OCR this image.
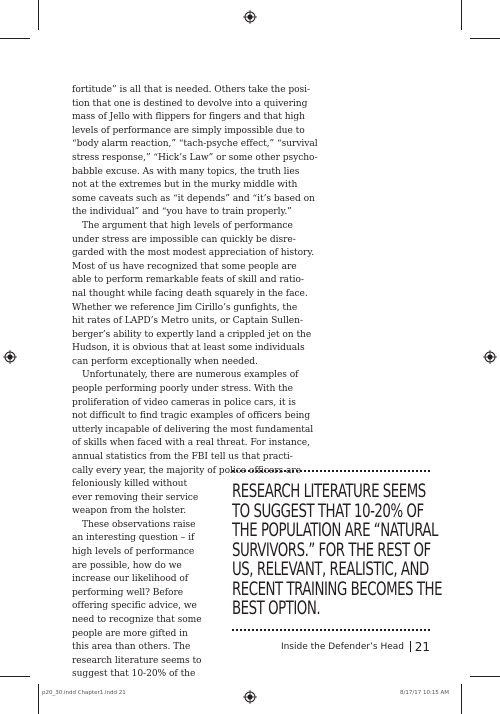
fortitude” is all that is needed. Others take the posi-
tion that one is destined to devolve into a quivering
mass of Jello with flippers for fingers and that high
levels of performance are simply impossible due to
“body alarm reaction,” “tach-psyche effect,” “survival
stress response,” “Hick’s Law” or some other psycho-
babble excuse. As with many topics, the truth lies
not at the extremes but in the murky middle with
some caveats such as “it depends” and “it’s based on
the individual” and “you have to train properly.”
The argument that high levels of performance
under stress are impossible can quickly be disre-
garded with the most modest appreciation of history.
Most of us have recognized that some people are
able to perform remarkable feats of skill and ratio-
nal thought while facing death squarely in the face.
Whether we reference Jim Cirillo’s gunfights, the
hit rates of LAPD’s Metro units, or Captain Sullen-
berger’s ability to expertly land a crippled jet on the
Hudson, it is obvious that at least some individuals
can perform exceptionally when needed.
Unfortunately, there are numerous examples of
people performing poorly under stress. With the
proliferation of video cameras in police cars, it is
not difficult to find tragic examples of officers being
utterly incapable of delivering the most fundamental
of skills when faced with a real threat. For instance,
annual statistics from the FBI tell us that practi-
cally every year, the majority of police officers are
feloniously killed without
ever removing their service
weapon from the holster.
These observations raise
an interesting question – if
high levels of performance
are possible, how do we
increase our likelihood of
performing well? Before
offering specific advice, we
need to recognize that some
people are more gifted in
this area than others. The
research literature seems to
suggest that 10-20% of the
RESEARCH LITERATURE SEEMS
TO SUGGEST THAT 10-20% OF
THE POPULATION ARE “NATURAL
SURVIVORS.” FOR THE REST OF
US, RELEVANT, REALISTIC, AND
RECENT TRAINING BECOMES THE
BEST OPTION.
Inside the Defender’s Head 21
p20_30.indd Chapter1.indd 21	8/17/17 10:15 AM
